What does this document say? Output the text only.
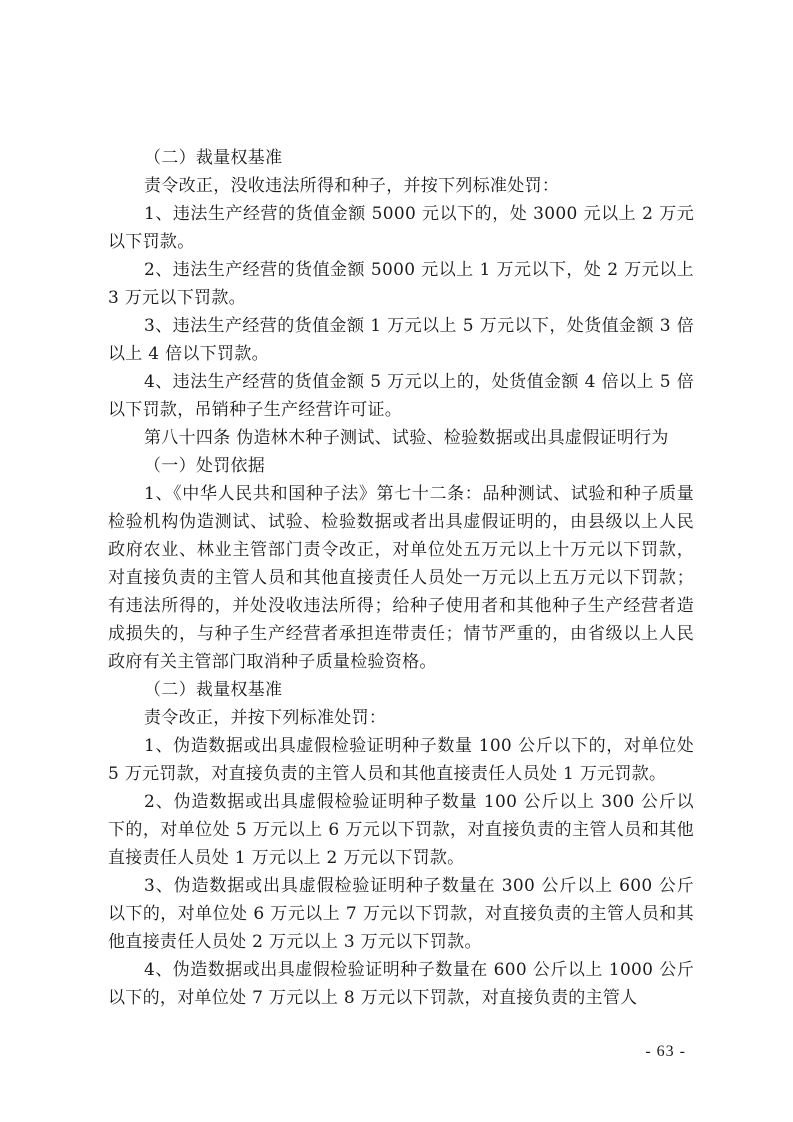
（二）裁量权基准

责令改正，没收违法所得和种子，并按下列标准处罚：

1、违法生产经营的货值金额 5000 元以下的，处 3000 元以上 2 万元以下罚款。

2、违法生产经营的货值金额 5000 元以上 1 万元以下，处 2 万元以上 3 万元以下罚款。

3、违法生产经营的货值金额 1 万元以上 5 万元以下，处货值金额 3 倍以上 4 倍以下罚款。

4、违法生产经营的货值金额 5 万元以上的，处货值金额 4 倍以上 5 倍以下罚款，吊销种子生产经营许可证。

第八十四条 伪造林木种子测试、试验、检验数据或出具虚假证明行为

（一）处罚依据

1、《中华人民共和国种子法》第七十二条：品种测试、试验和种子质量检验机构伪造测试、试验、检验数据或者出具虚假证明的，由县级以上人民政府农业、林业主管部门责令改正，对单位处五万元以上十万元以下罚款，对直接负责的主管人员和其他直接责任人员处一万元以上五万元以下罚款；有违法所得的，并处没收违法所得；给种子使用者和其他种子生产经营者造成损失的，与种子生产经营者承担连带责任；情节严重的，由省级以上人民政府有关主管部门取消种子质量检验资格。

（二）裁量权基准

责令改正，并按下列标准处罚：

1、伪造数据或出具虚假检验证明种子数量 100 公斤以下的，对单位处 5 万元罚款，对直接负责的主管人员和其他直接责任人员处 1 万元罚款。

2、伪造数据或出具虚假检验证明种子数量 100 公斤以上 300 公斤以下的，对单位处 5 万元以上 6 万元以下罚款，对直接负责的主管人员和其他直接责任人员处 1 万元以上 2 万元以下罚款。

3、伪造数据或出具虚假检验证明种子数量在 300 公斤以上 600 公斤以下的，对单位处 6 万元以上 7 万元以下罚款，对直接负责的主管人员和其他直接责任人员处 2 万元以上 3 万元以下罚款。

4、伪造数据或出具虚假检验证明种子数量在 600 公斤以上 1000 公斤以下的，对单位处 7 万元以上 8 万元以下罚款，对直接负责的主管人

- 63 -
